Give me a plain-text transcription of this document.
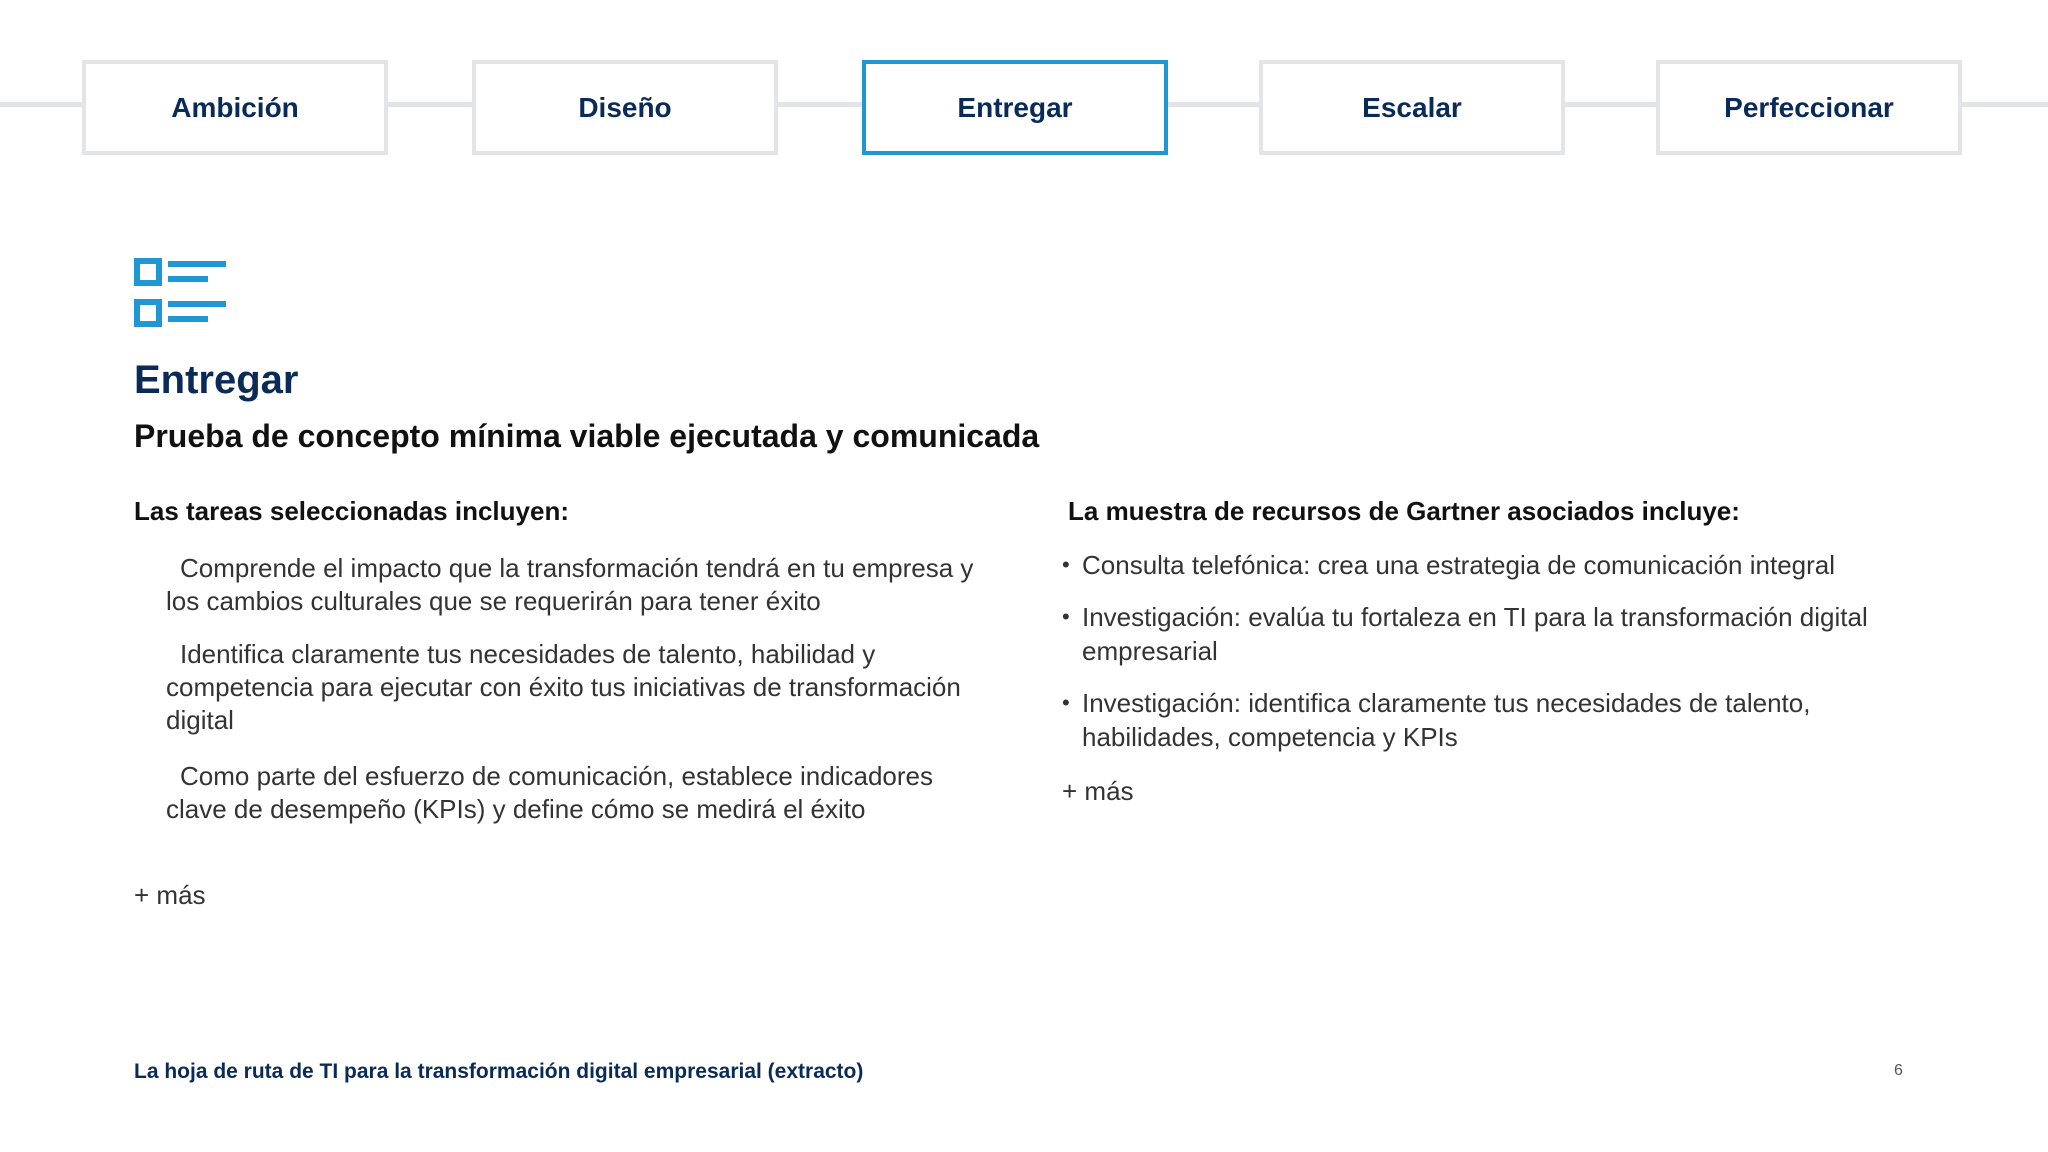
Ambición	Diseño	Entregar	Escalar	Perfeccionar
Entregar
Prueba de concepto mínima viable ejecutada y comunicada
Las tareas seleccionadas incluyen:

Comprende el impacto que la transformación tendrá en tu empresa y los cambios culturales que se requerirán para tener éxito

Identifica claramente tus necesidades de talento, habilidad y competencia para ejecutar con éxito tus iniciativas de transformación digital

Como parte del esfuerzo de comunicación, establece indicadores clave de desempeño (KPIs) y define cómo se medirá el éxito

+ más
La muestra de recursos de Gartner asociados incluye:
• Consulta telefónica: crea una estrategia de comunicación integral
• Investigación: evalúa tu fortaleza en TI para la transformación digital empresarial
• Investigación: identifica claramente tus necesidades de talento, habilidades, competencia y KPIs
+ más
La hoja de ruta de TI para la transformación digital empresarial (extracto)	6
